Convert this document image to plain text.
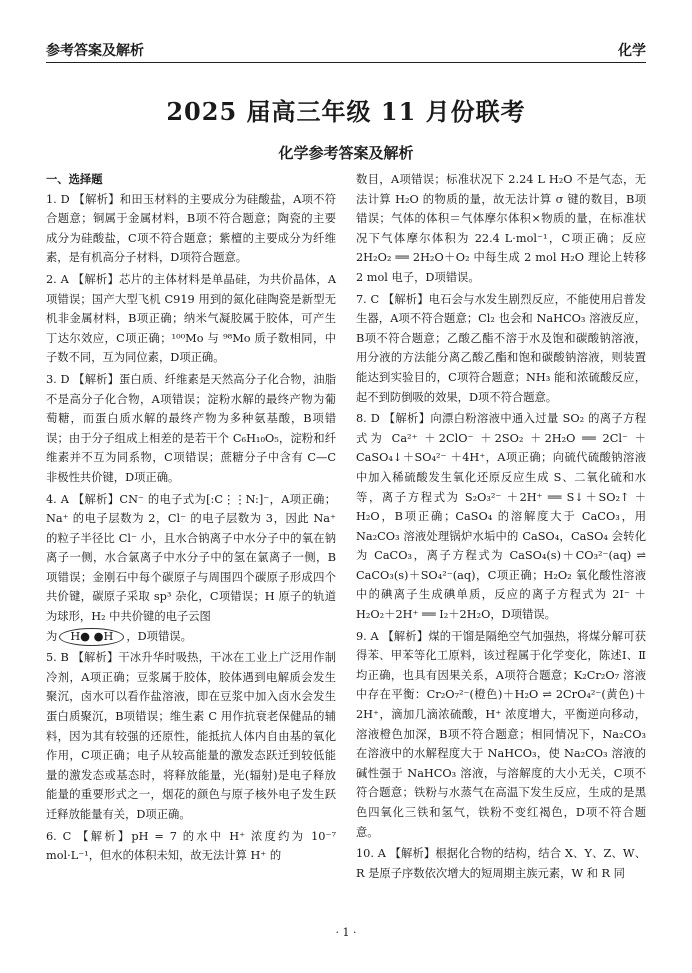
参考答案及解析	化学
2025 届高三年级 11 月份联考
化学参考答案及解析
一、选择题
1. D 【解析】和田玉材料的主要成分为硅酸盐，A项不符合题意；铜属于金属材料，B项不符合题意；陶瓷的主要成分为硅酸盐，C项不符合题意；紫檀的主要成分为纤维素，是有机高分子材料，D项符合题意。
2. A 【解析】芯片的主体材料是单晶硅，为共价晶体，A项错误；国产大型飞机 C919 用到的氮化硅陶瓷是新型无机非金属材料，B项正确；纳米气凝胶属于胶体，可产生丁达尔效应，C项正确；¹⁰⁰Mo 与 ⁹⁸Mo 质子数相同，中子数不同，互为同位素，D项正确。
3. D 【解析】蛋白质、纤维素是天然高分子化合物，油脂不是高分子化合物，A项错误；淀粉水解的最终产物为葡萄糖，而蛋白质水解的最终产物为多种氨基酸，B项错误；由于分子组成上相差的是若干个 C₆H₁₀O₅，淀粉和纤维素并不互为同系物，C项错误；蔗糖分子中含有 C—C 非极性共价键，D项正确。
4. A 【解析】CN⁻ 的电子式为[:C⋮⋮N:]⁻，A项正确；Na⁺ 的电子层数为 2，Cl⁻ 的电子层数为 3，因此 Na⁺ 的粒子半径比 Cl⁻ 小，且水合钠离子中水分子中的氧在钠离子一侧，水合氯离子中水分子中的氢在氯离子一侧，B项错误；金刚石中每个碳原子与周围四个碳原子形成四个共价键，碳原子采取 sp³ 杂化，C项错误；H 原子的轨道为球形，H₂ 中共价键的电子云图
为 H● ●H ，D项错误。
5. B 【解析】干冰升华时吸热，干冰在工业上广泛用作制冷剂，A项正确；豆浆属于胶体，胶体遇到电解质会发生聚沉，卤水可以看作盐溶液，即在豆浆中加入卤水会发生蛋白质聚沉，B项错误；维生素 C 用作抗衰老保健品的辅料，因为其有较强的还原性，能抵抗人体内自由基的氧化作用，C项正确；电子从较高能量的激发态跃迁到较低能量的激发态或基态时，将释放能量，光(辐射)是电子释放能量的重要形式之一，烟花的颜色与原子核外电子发生跃迁释放能量有关，D项正确。
6. C 【解析】pH = 7 的水中 H⁺ 浓度约为 10⁻⁷ mol·L⁻¹，但水的体积未知，故无法计算 H⁺ 的
数目，A项错误；标准状况下 2.24 L H₂O 不是气态，无法计算 H₂O 的物质的量，故无法计算 σ 键的数目，B项错误；气体的体积＝气体摩尔体积×物质的量，在标准状况下气体摩尔体积为 22.4 L·mol⁻¹，C项正确；反应 2H₂O₂ ══ 2H₂O＋O₂ 中每生成 2 mol H₂O 理论上转移 2 mol 电子，D项错误。
7. C 【解析】电石会与水发生剧烈反应，不能使用启普发生器，A项不符合题意；Cl₂ 也会和 NaHCO₃ 溶液反应，B项不符合题意；乙酸乙酯不溶于水及饱和碳酸钠溶液，用分液的方法能分离乙酸乙酯和饱和碳酸钠溶液，则装置能达到实验目的，C项符合题意；NH₃ 能和浓硫酸反应，起不到防倒吸的效果，D项不符合题意。
8. D 【解析】向漂白粉溶液中通入过量 SO₂ 的离子方程式为 Ca²⁺ ＋2ClO⁻ ＋2SO₂ ＋2H₂O ══ 2Cl⁻ ＋ CaSO₄↓＋SO₄²⁻ ＋4H⁺，A项正确；向硫代硫酸钠溶液中加入稀硫酸发生氧化还原反应生成 S、二氧化硫和水等，离子方程式为 S₂O₃²⁻ ＋2H⁺ ══ S↓＋SO₂↑ ＋H₂O，B项正确；CaSO₄ 的溶解度大于 CaCO₃，用 Na₂CO₃ 溶液处理锅炉水垢中的 CaSO₄，CaSO₄ 会转化为 CaCO₃，离子方程式为 CaSO₄(s)＋CO₃²⁻(aq) ⇌ CaCO₃(s)＋SO₄²⁻(aq)，C项正确；H₂O₂ 氧化酸性溶液中的碘离子生成碘单质，反应的离子方程式为 2I⁻ ＋H₂O₂＋2H⁺ ══ I₂＋2H₂O，D项错误。
9. A 【解析】煤的干馏是隔绝空气加强热，将煤分解可获得苯、甲苯等化工原料，该过程属于化学变化，陈述Ⅰ、Ⅱ均正确，也具有因果关系，A项符合题意；K₂Cr₂O₇ 溶液中存在平衡：Cr₂O₇²⁻(橙色)＋H₂O ⇌ 2CrO₄²⁻(黄色)＋2H⁺，滴加几滴浓硫酸，H⁺ 浓度增大，平衡逆向移动，溶液橙色加深，B项不符合题意；相同情况下，Na₂CO₃ 在溶液中的水解程度大于 NaHCO₃，使 Na₂CO₃ 溶液的碱性强于 NaHCO₃ 溶液，与溶解度的大小无关，C项不符合题意；铁粉与水蒸气在高温下发生反应，生成的是黑色四氧化三铁和氢气，铁粉不变红褐色，D项不符合题意。
10. A 【解析】根据化合物的结构，结合 X、Y、Z、W、R 是原子序数依次增大的短周期主族元素，W 和 R 同
· 1 ·
